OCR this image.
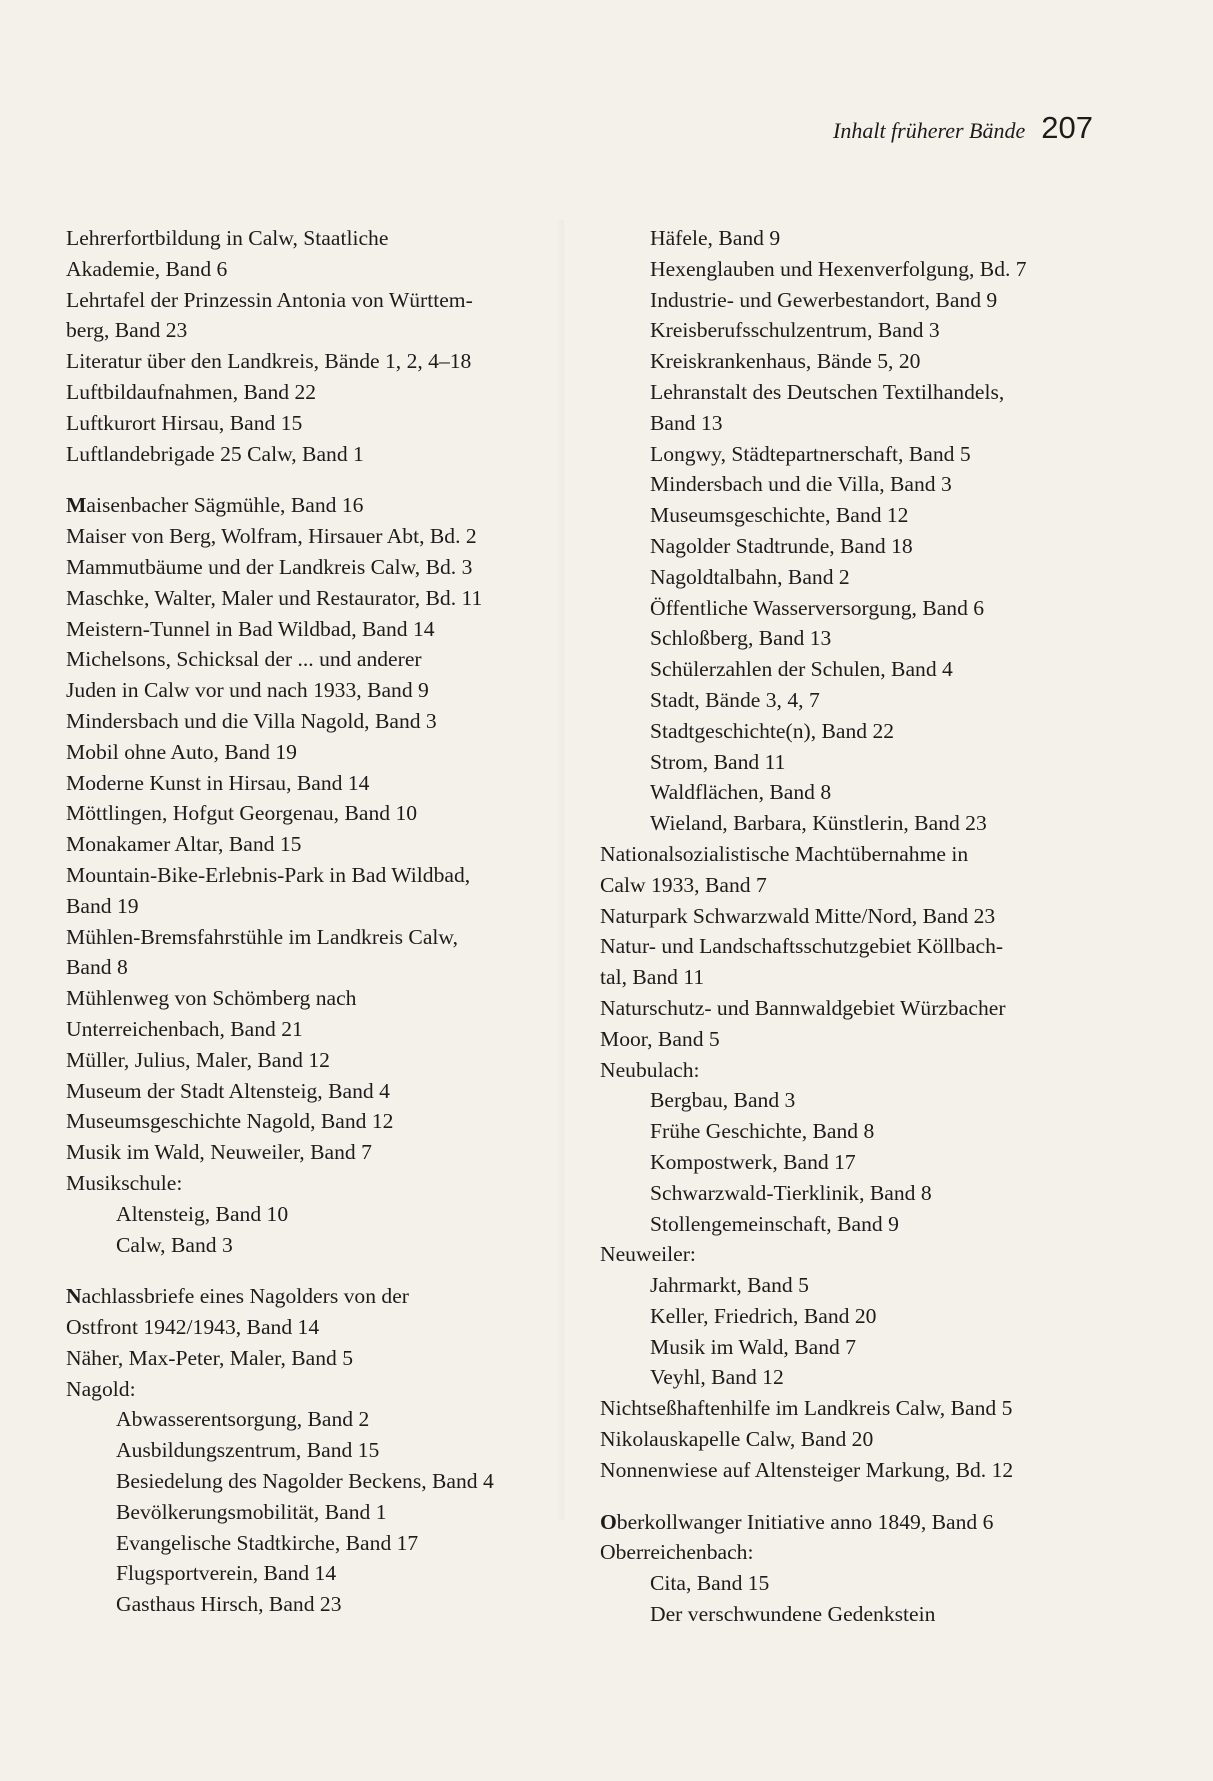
Inhalt früherer Bände 207
Lehrerfortbildung in Calw, Staatliche
Akademie, Band 6
Lehrtafel der Prinzessin Antonia von Württem-
berg, Band 23
Literatur über den Landkreis, Bände 1, 2, 4–18
Luftbildaufnahmen, Band 22
Luftkurort Hirsau, Band 15
Luftlandebrigade 25 Calw, Band 1
Maisenbacher Sägmühle, Band 16
Maiser von Berg, Wolfram, Hirsauer Abt, Bd. 2
Mammutbäume und der Landkreis Calw, Bd. 3
Maschke, Walter, Maler und Restaurator, Bd. 11
Meistern-Tunnel in Bad Wildbad, Band 14
Michelsons, Schicksal der ... und anderer
Juden in Calw vor und nach 1933, Band 9
Mindersbach und die Villa Nagold, Band 3
Mobil ohne Auto, Band 19
Moderne Kunst in Hirsau, Band 14
Möttlingen, Hofgut Georgenau, Band 10
Monakamer Altar, Band 15
Mountain-Bike-Erlebnis-Park in Bad Wildbad,
Band 19
Mühlen-Bremsfahrstühle im Landkreis Calw,
Band 8
Mühlenweg von Schömberg nach
Unterreichenbach, Band 21
Müller, Julius, Maler, Band 12
Museum der Stadt Altensteig, Band 4
Museumsgeschichte Nagold, Band 12
Musik im Wald, Neuweiler, Band 7
Musikschule:
Altensteig, Band 10
Calw, Band 3
Nachlassbriefe eines Nagolders von der
Ostfront 1942/1943, Band 14
Näher, Max-Peter, Maler, Band 5
Nagold:
Abwasserentsorgung, Band 2
Ausbildungszentrum, Band 15
Besiedelung des Nagolder Beckens, Band 4
Bevölkerungsmobilität, Band 1
Evangelische Stadtkirche, Band 17
Flugsportverein, Band 14
Gasthaus Hirsch, Band 23
Häfele, Band 9
Hexenglauben und Hexenverfolgung, Bd. 7
Industrie- und Gewerbestandort, Band 9
Kreisberufsschulzentrum, Band 3
Kreiskrankenhaus, Bände 5, 20
Lehranstalt des Deutschen Textilhandels,
Band 13
Longwy, Städtepartnerschaft, Band 5
Mindersbach und die Villa, Band 3
Museumsgeschichte, Band 12
Nagolder Stadtrunde, Band 18
Nagoldtalbahn, Band 2
Öffentliche Wasserversorgung, Band 6
Schloßberg, Band 13
Schülerzahlen der Schulen, Band 4
Stadt, Bände 3, 4, 7
Stadtgeschichte(n), Band 22
Strom, Band 11
Waldflächen, Band 8
Wieland, Barbara, Künstlerin, Band 23
Nationalsozialistische Machtübernahme in
Calw 1933, Band 7
Naturpark Schwarzwald Mitte/Nord, Band 23
Natur- und Landschaftsschutzgebiet Köllbach-
tal, Band 11
Naturschutz- und Bannwaldgebiet Würzbacher
Moor, Band 5
Neubulach:
Bergbau, Band 3
Frühe Geschichte, Band 8
Kompostwerk, Band 17
Schwarzwald-Tierklinik, Band 8
Stollengemeinschaft, Band 9
Neuweiler:
Jahrmarkt, Band 5
Keller, Friedrich, Band 20
Musik im Wald, Band 7
Veyhl, Band 12
Nichtseßhaftenhilfe im Landkreis Calw, Band 5
Nikolauskapelle Calw, Band 20
Nonnenwiese auf Altensteiger Markung, Bd. 12
Oberkollwanger Initiative anno 1849, Band 6
Oberreichenbach:
Cita, Band 15
Der verschwundene Gedenkstein
